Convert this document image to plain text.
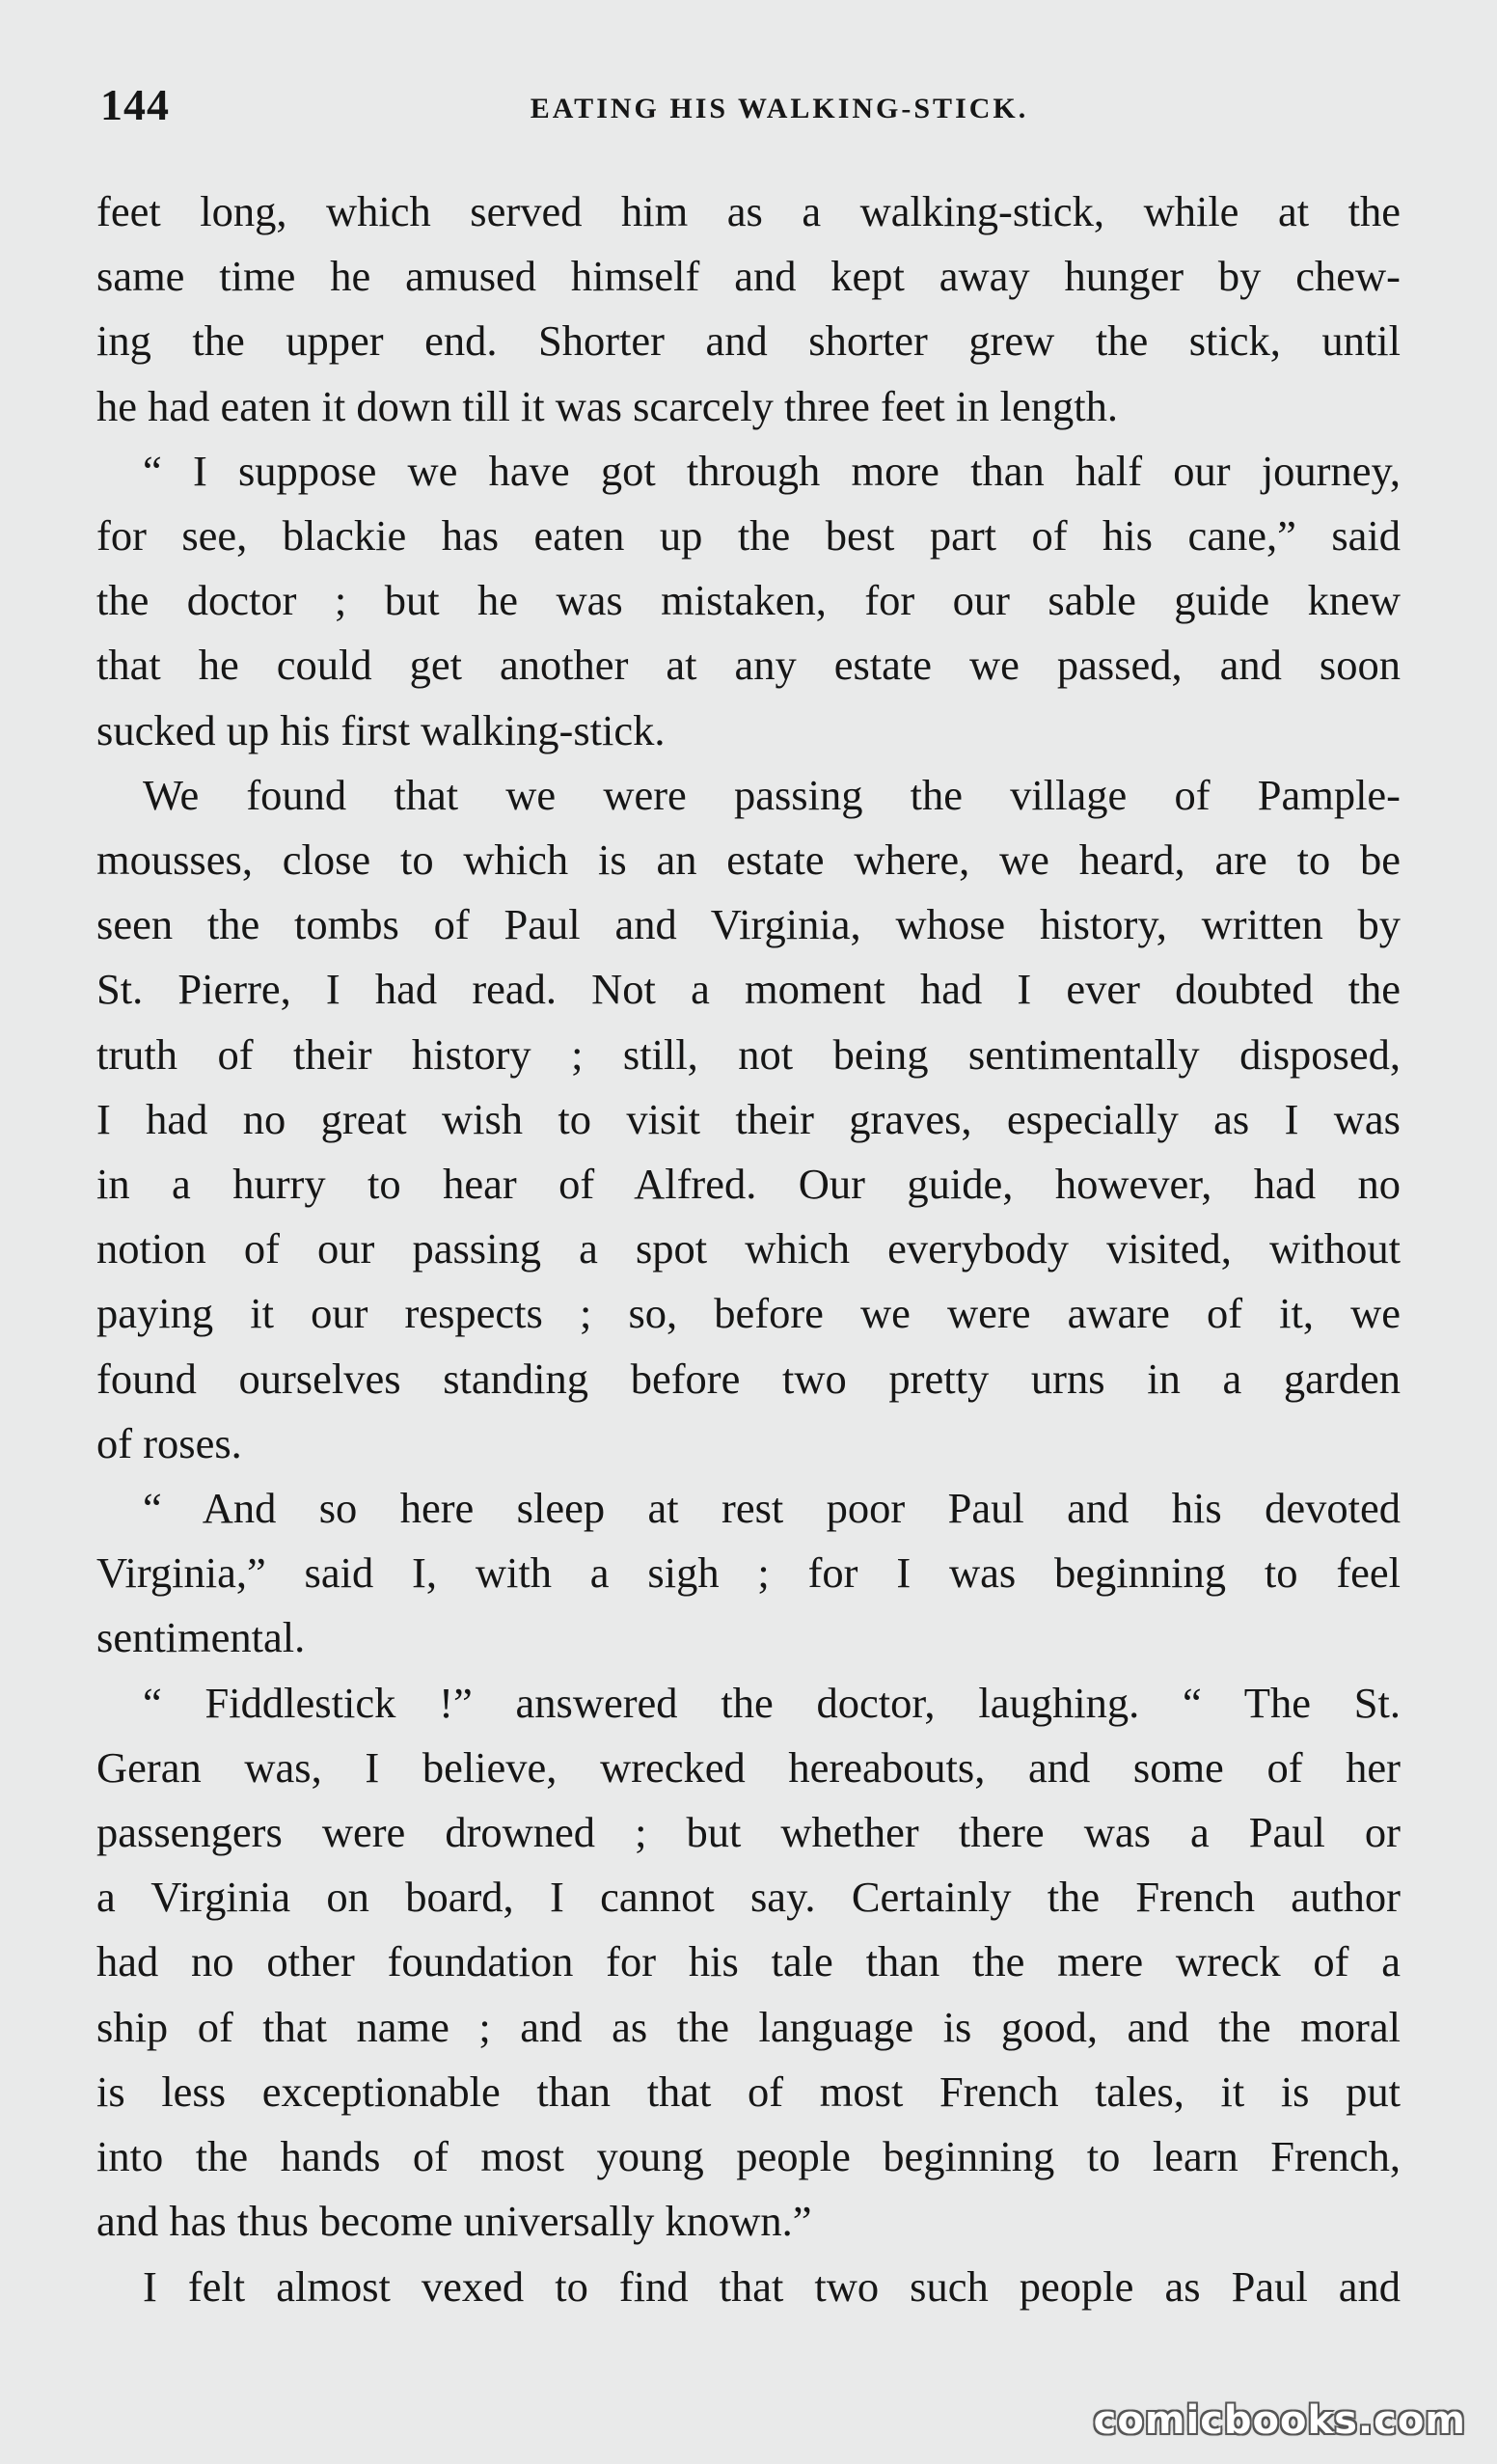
144	EATING HIS WALKING-STICK.
feet long, which served him as a walking-stick, while at the
same time he amused himself and kept away hunger by chew-
ing the upper end. Shorter and shorter grew the stick, until
he had eaten it down till it was scarcely three feet in length.
“ I suppose we have got through more than half our journey,
for see, blackie has eaten up the best part of his cane,” said
the doctor ; but he was mistaken, for our sable guide knew
that he could get another at any estate we passed, and soon
sucked up his first walking-stick.
We found that we were passing the village of Pample-
mousses, close to which is an estate where, we heard, are to be
seen the tombs of Paul and Virginia, whose history, written by
St. Pierre, I had read. Not a moment had I ever doubted the
truth of their history ; still, not being sentimentally disposed,
I had no great wish to visit their graves, especially as I was
in a hurry to hear of Alfred. Our guide, however, had no
notion of our passing a spot which everybody visited, without
paying it our respects ; so, before we were aware of it, we
found ourselves standing before two pretty urns in a garden
of roses.
“ And so here sleep at rest poor Paul and his devoted
Virginia,” said I, with a sigh ; for I was beginning to feel
sentimental.
“ Fiddlestick !” answered the doctor, laughing. “ The St.
Geran was, I believe, wrecked hereabouts, and some of her
passengers were drowned ; but whether there was a Paul or
a Virginia on board, I cannot say. Certainly the French author
had no other foundation for his tale than the mere wreck of a
ship of that name ; and as the language is good, and the moral
is less exceptionable than that of most French tales, it is put
into the hands of most young people beginning to learn French,
and has thus become universally known.”
I felt almost vexed to find that two such people as Paul and
comicbooks.com
